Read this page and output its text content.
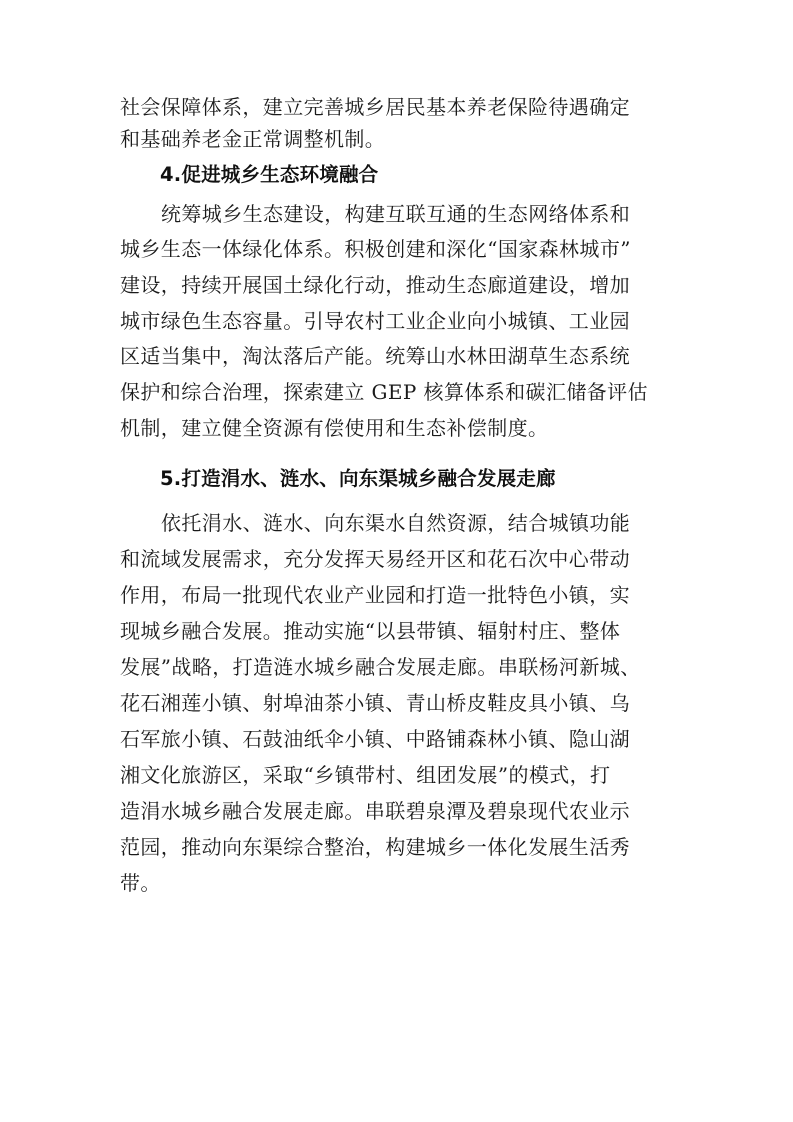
社会保障体系，建立完善城乡居民基本养老保险待遇确定
和基础养老金正常调整机制。
4.促进城乡生态环境融合
统筹城乡生态建设，构建互联互通的生态网络体系和
城乡生态一体绿化体系。积极创建和深化“国家森林城市”
建设，持续开展国土绿化行动，推动生态廊道建设，增加
城市绿色生态容量。引导农村工业企业向小城镇、工业园
区适当集中，淘汰落后产能。统筹山水林田湖草生态系统
保护和综合治理，探索建立 GEP 核算体系和碳汇储备评估
机制，建立健全资源有偿使用和生态补偿制度。
5.打造涓水、涟水、向东渠城乡融合发展走廊
依托涓水、涟水、向东渠水自然资源，结合城镇功能
和流域发展需求，充分发挥天易经开区和花石次中心带动
作用，布局一批现代农业产业园和打造一批特色小镇，实
现城乡融合发展。推动实施“以县带镇、辐射村庄、整体
发展”战略，打造涟水城乡融合发展走廊。串联杨河新城、
花石湘莲小镇、射埠油茶小镇、青山桥皮鞋皮具小镇、乌
石军旅小镇、石鼓油纸伞小镇、中路铺森林小镇、隐山湖
湘文化旅游区，采取“乡镇带村、组团发展”的模式，打
造涓水城乡融合发展走廊。串联碧泉潭及碧泉现代农业示
范园，推动向东渠综合整治，构建城乡一体化发展生活秀
带。
